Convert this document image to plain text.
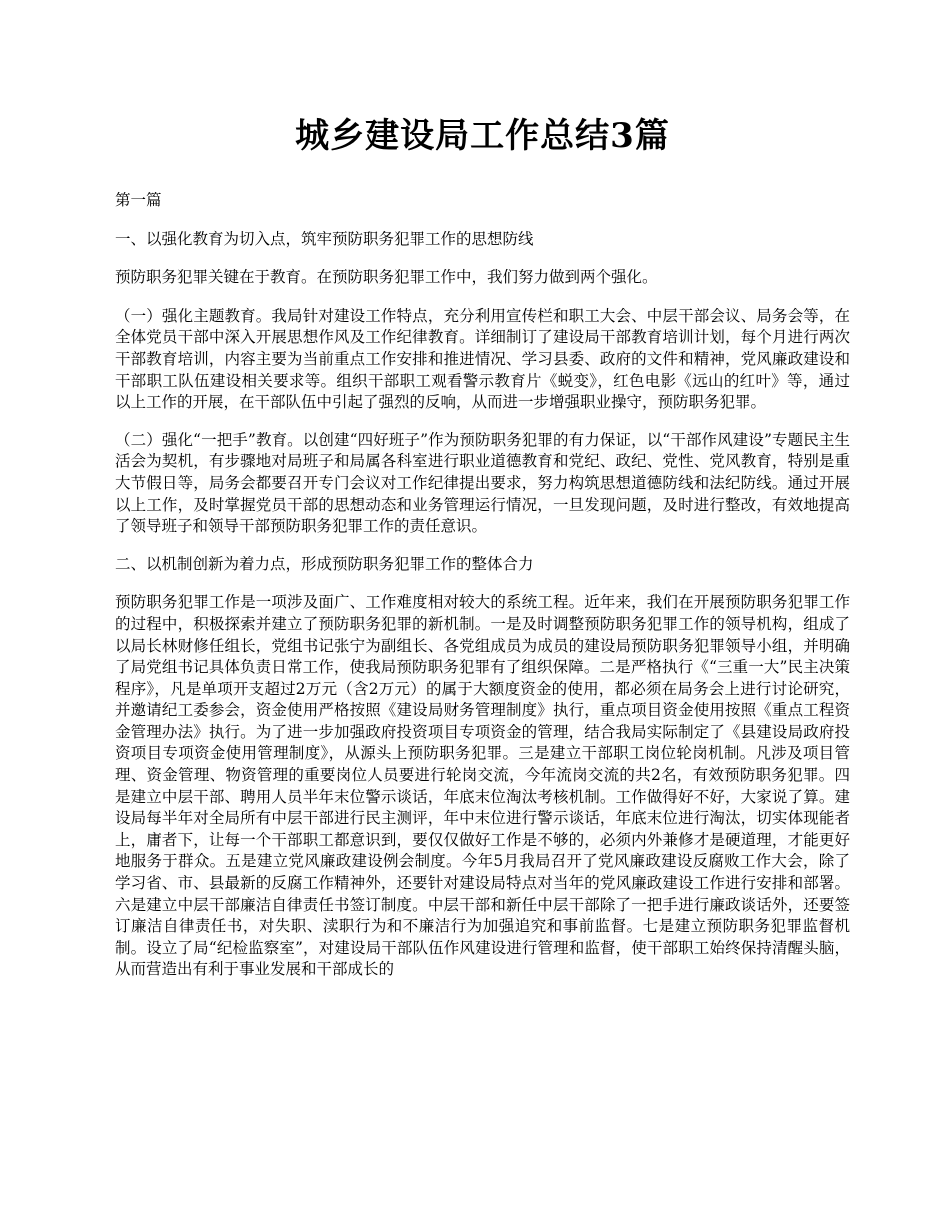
城乡建设局工作总结3篇

第一篇

一、以强化教育为切入点，筑牢预防职务犯罪工作的思想防线

预防职务犯罪关键在于教育。在预防职务犯罪工作中，我们努力做到两个强化。

（一）强化主题教育。我局针对建设工作特点，充分利用宣传栏和职工大会、中层干部会议、局务会等，在全体党员干部中深入开展思想作风及工作纪律教育。详细制订了建设局干部教育培训计划，每个月进行两次干部教育培训，内容主要为当前重点工作安排和推进情况、学习县委、政府的文件和精神，党风廉政建设和干部职工队伍建设相关要求等。组织干部职工观看警示教育片《蜕变》，红色电影《远山的红叶》等，通过以上工作的开展，在干部队伍中引起了强烈的反响，从而进一步增强职业操守，预防职务犯罪。

（二）强化“一把手”教育。以创建“四好班子”作为预防职务犯罪的有力保证，以“干部作风建设”专题民主生活会为契机，有步骤地对局班子和局属各科室进行职业道德教育和党纪、政纪、党性、党风教育，特别是重大节假日等，局务会都要召开专门会议对工作纪律提出要求，努力构筑思想道德防线和法纪防线。通过开展以上工作，及时掌握党员干部的思想动态和业务管理运行情况，一旦发现问题，及时进行整改，有效地提高了领导班子和领导干部预防职务犯罪工作的责任意识。

二、以机制创新为着力点，形成预防职务犯罪工作的整体合力

预防职务犯罪工作是一项涉及面广、工作难度相对较大的系统工程。近年来，我们在开展预防职务犯罪工作的过程中，积极探索并建立了预防职务犯罪的新机制。一是及时调整预防职务犯罪工作的领导机构，组成了以局长林财修任组长，党组书记张宁为副组长、各党组成员为成员的建设局预防职务犯罪领导小组，并明确了局党组书记具体负责日常工作，使我局预防职务犯罪有了组织保障。二是严格执行《“三重一大”民主决策程序》，凡是单项开支超过2万元（含2万元）的属于大额度资金的使用，都必须在局务会上进行讨论研究，并邀请纪工委参会，资金使用严格按照《建设局财务管理制度》执行，重点项目资金使用按照《重点工程资金管理办法》执行。为了进一步加强政府投资项目专项资金的管理，结合我局实际制定了《县建设局政府投资项目专项资金使用管理制度》，从源头上预防职务犯罪。三是建立干部职工岗位轮岗机制。凡涉及项目管理、资金管理、物资管理的重要岗位人员要进行轮岗交流，今年流岗交流的共2名，有效预防职务犯罪。四是建立中层干部、聘用人员半年末位警示谈话，年底末位淘汰考核机制。工作做得好不好，大家说了算。建设局每半年对全局所有中层干部进行民主测评，年中末位进行警示谈话，年底末位进行淘汰，切实体现能者上，庸者下，让每一个干部职工都意识到，要仅仅做好工作是不够的，必须内外兼修才是硬道理，才能更好地服务于群众。五是建立党风廉政建设例会制度。今年5月我局召开了党风廉政建设反腐败工作大会，除了学习省、市、县最新的反腐工作精神外，还要针对建设局特点对当年的党风廉政建设工作进行安排和部署。六是建立中层干部廉洁自律责任书签订制度。中层干部和新任中层干部除了一把手进行廉政谈话外，还要签订廉洁自律责任书，对失职、渎职行为和不廉洁行为加强追究和事前监督。七是建立预防职务犯罪监督机制。设立了局“纪检监察室”，对建设局干部队伍作风建设进行管理和监督，使干部职工始终保持清醒头脑，从而营造出有利于事业发展和干部成长的
